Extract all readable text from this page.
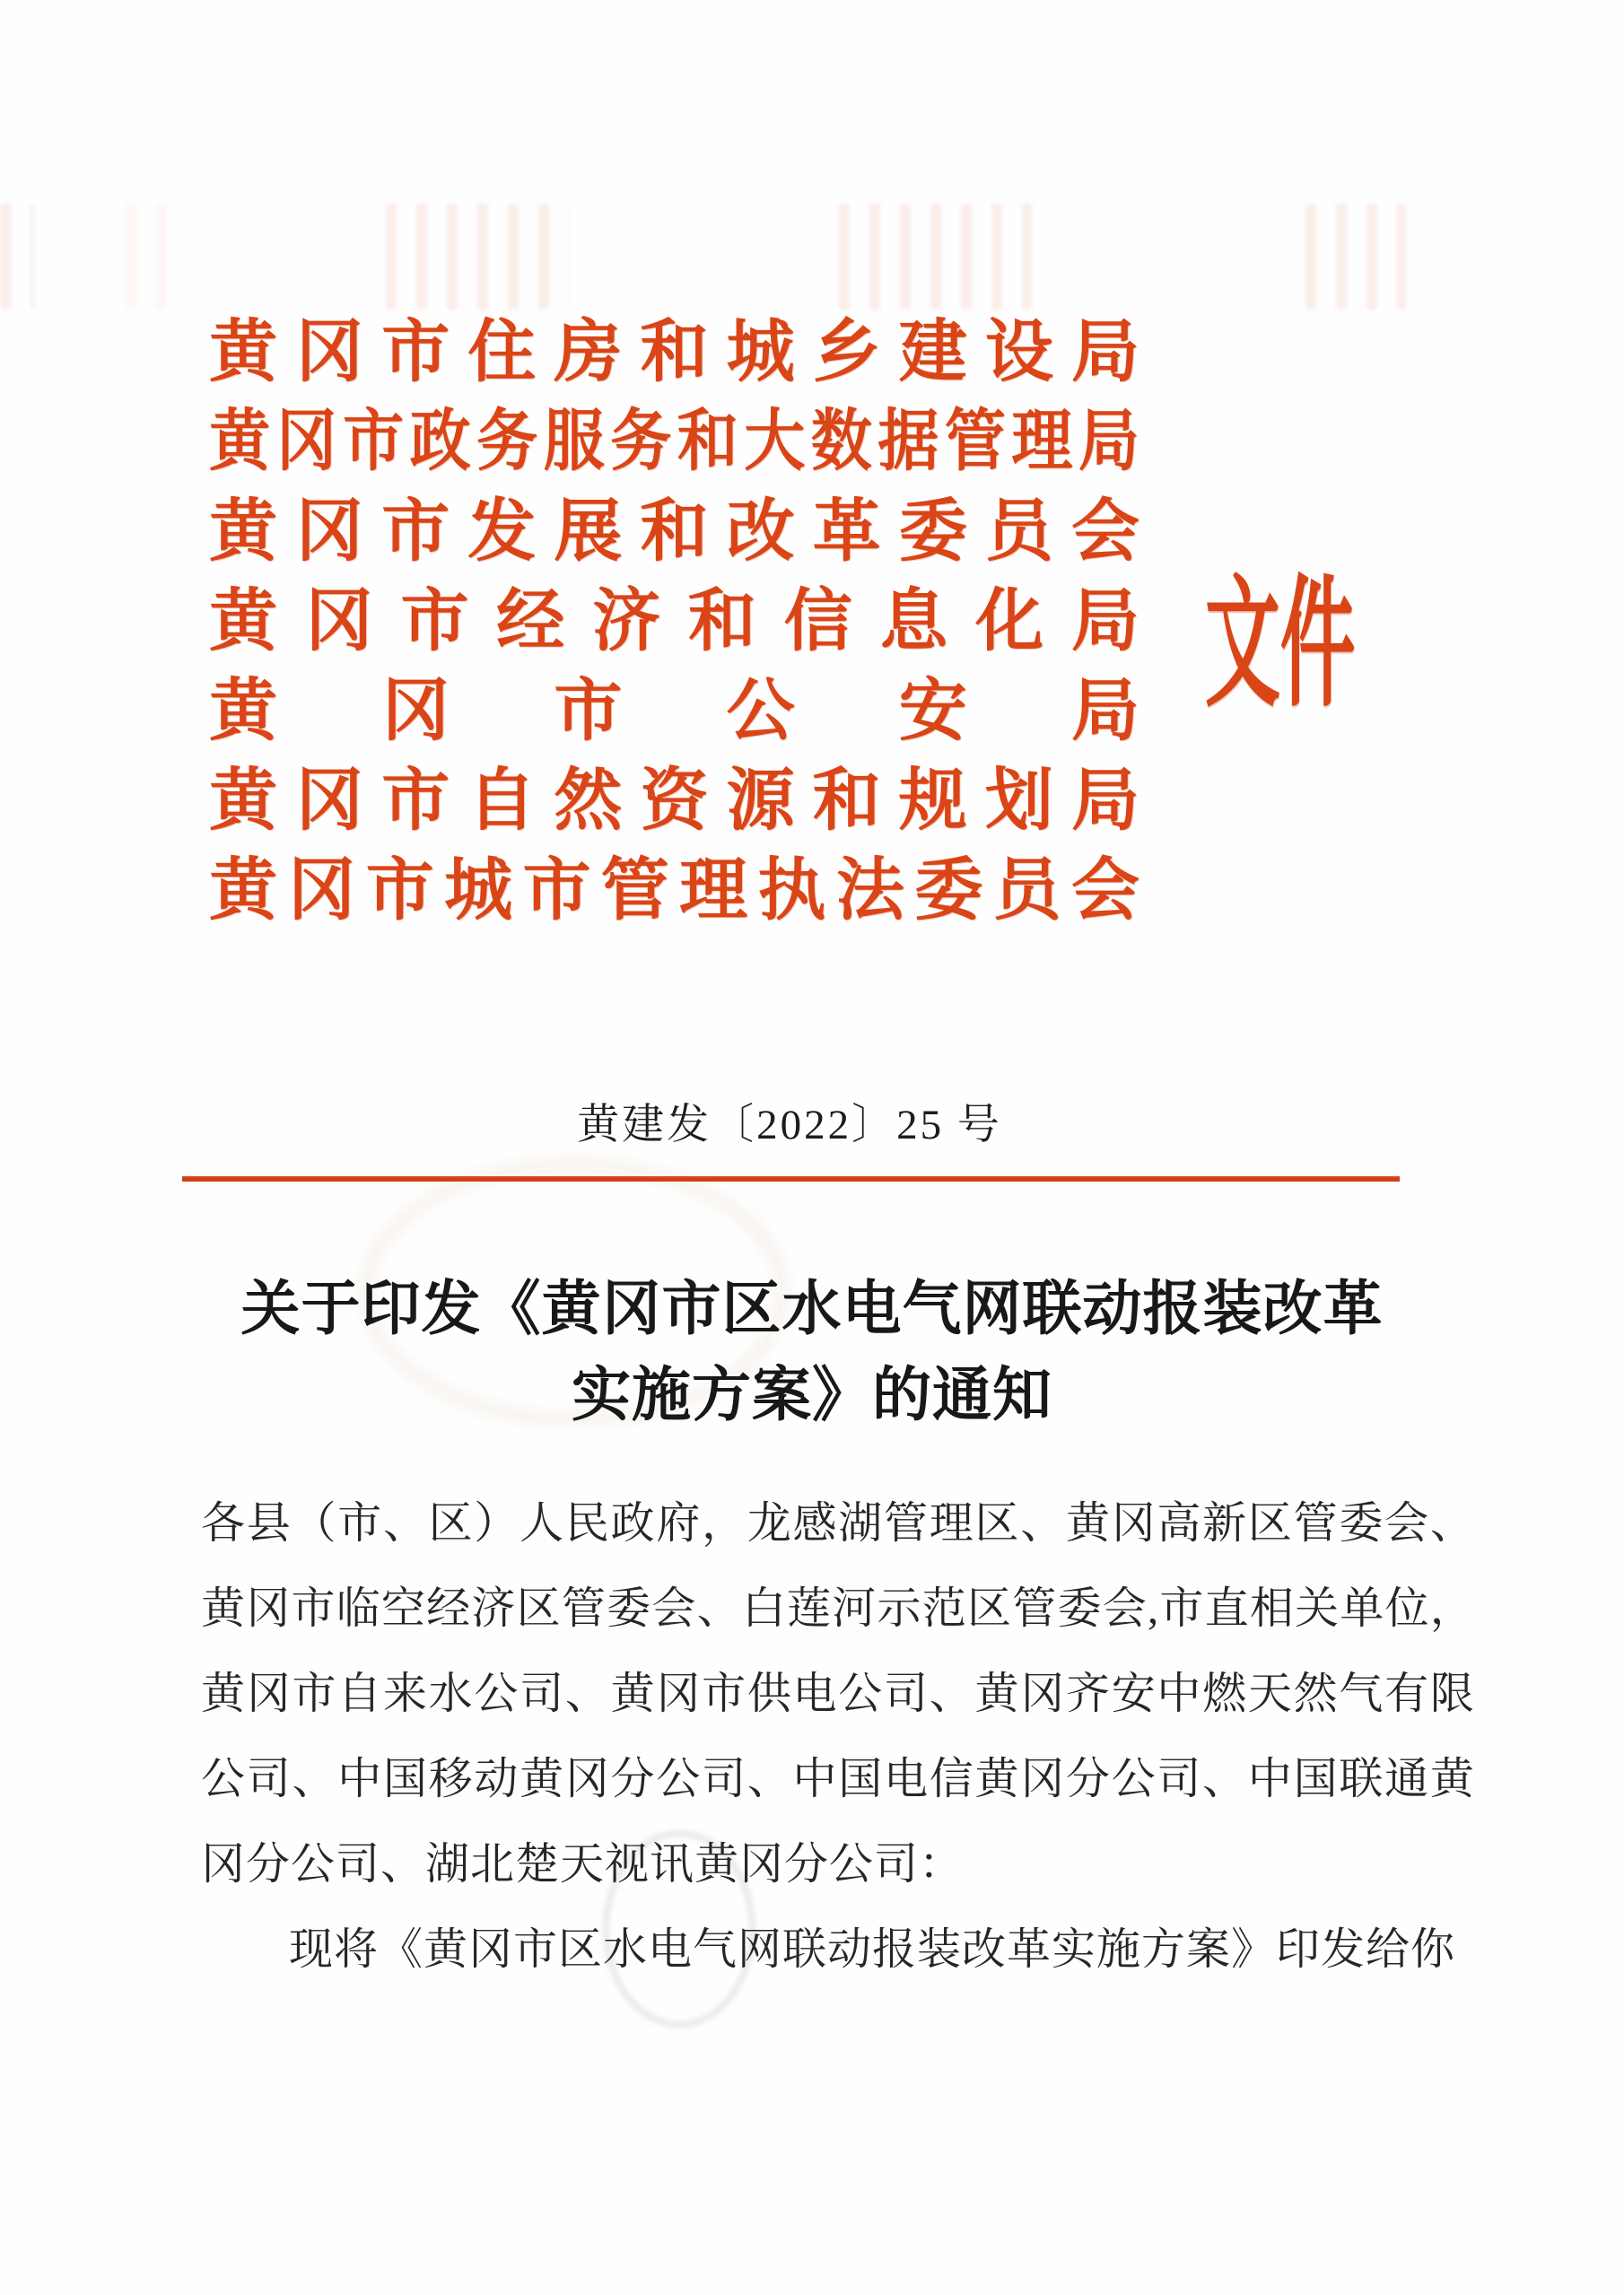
黄 冈 市 住 房 和 城 乡 建 设 局
黄 冈 市 政 务 服 务 和 大 数 据 管 理 局
黄 冈 市 发 展 和 改 革 委 员 会
黄 冈 市 经 济 和 信 息 化 局
黄 冈 市 公 安 局
黄 冈 市 自 然 资 源 和 规 划 局
黄 冈 市 城 市 管 理 执 法 委 员 会
文件
黄建发〔2022〕25 号
关于印发《黄冈市区水电气网联动报装改革
实施方案》的通知
各 县 （ 市 、 区 ） 人 民 政 府 ， 龙 感 湖 管 理 区 、 黄 冈 高 新 区 管 委 会 、
黄 冈 市 临 空 经 济 区 管 委 会 、 白 莲 河 示 范 区 管 委 会 , 市 直 相 关 单 位 ，
黄 冈 市 自 来 水 公 司 、 黄 冈 市 供 电 公 司 、 黄 冈 齐 安 中 燃 天 然 气 有 限
公 司 、 中 国 移 动 黄 冈 分 公 司 、 中 国 电 信 黄 冈 分 公 司 、 中 国 联 通 黄
冈分公司、湖北楚天视讯黄冈分公司：
现将《黄冈市区水电气网联动报装改革实施方案》印发给你
